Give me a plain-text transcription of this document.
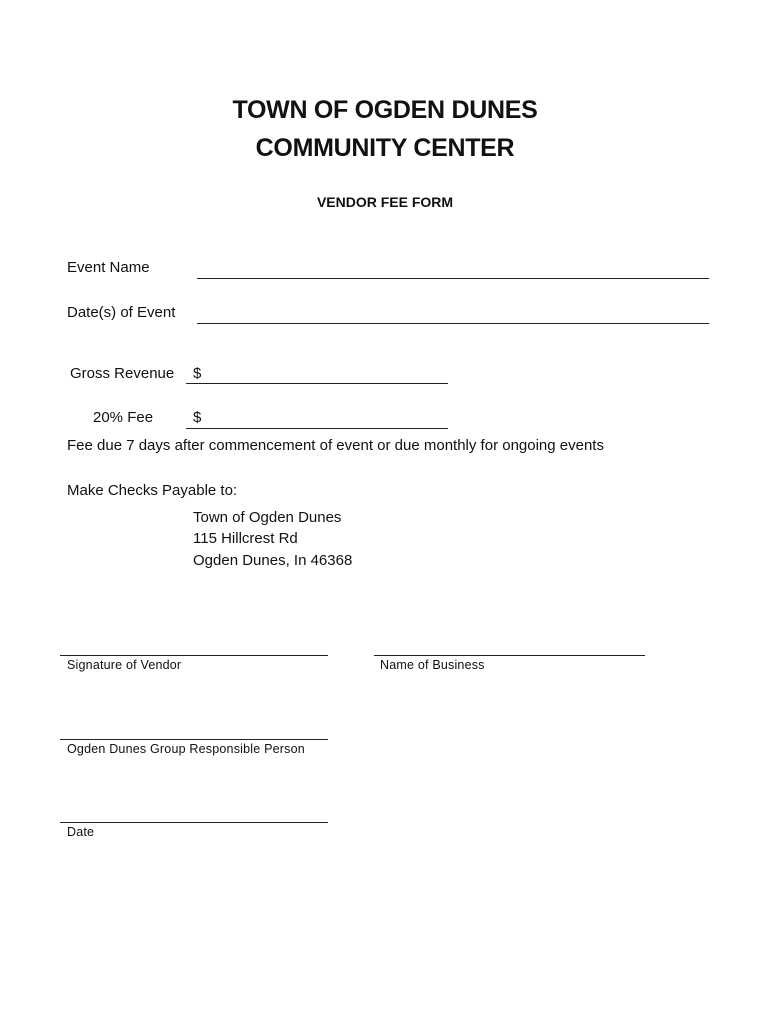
TOWN OF OGDEN DUNES
COMMUNITY CENTER
VENDOR FEE FORM
Event Name
Date(s) of Event
Gross Revenue $
20% Fee	$
Fee due 7 days after commencement of event or due monthly for ongoing events
Make Checks Payable to:
Town of Ogden Dunes
115 Hillcrest Rd
Ogden Dunes, In 46368
Signature of Vendor	Name of Business
Ogden Dunes Group Responsible Person
Date
